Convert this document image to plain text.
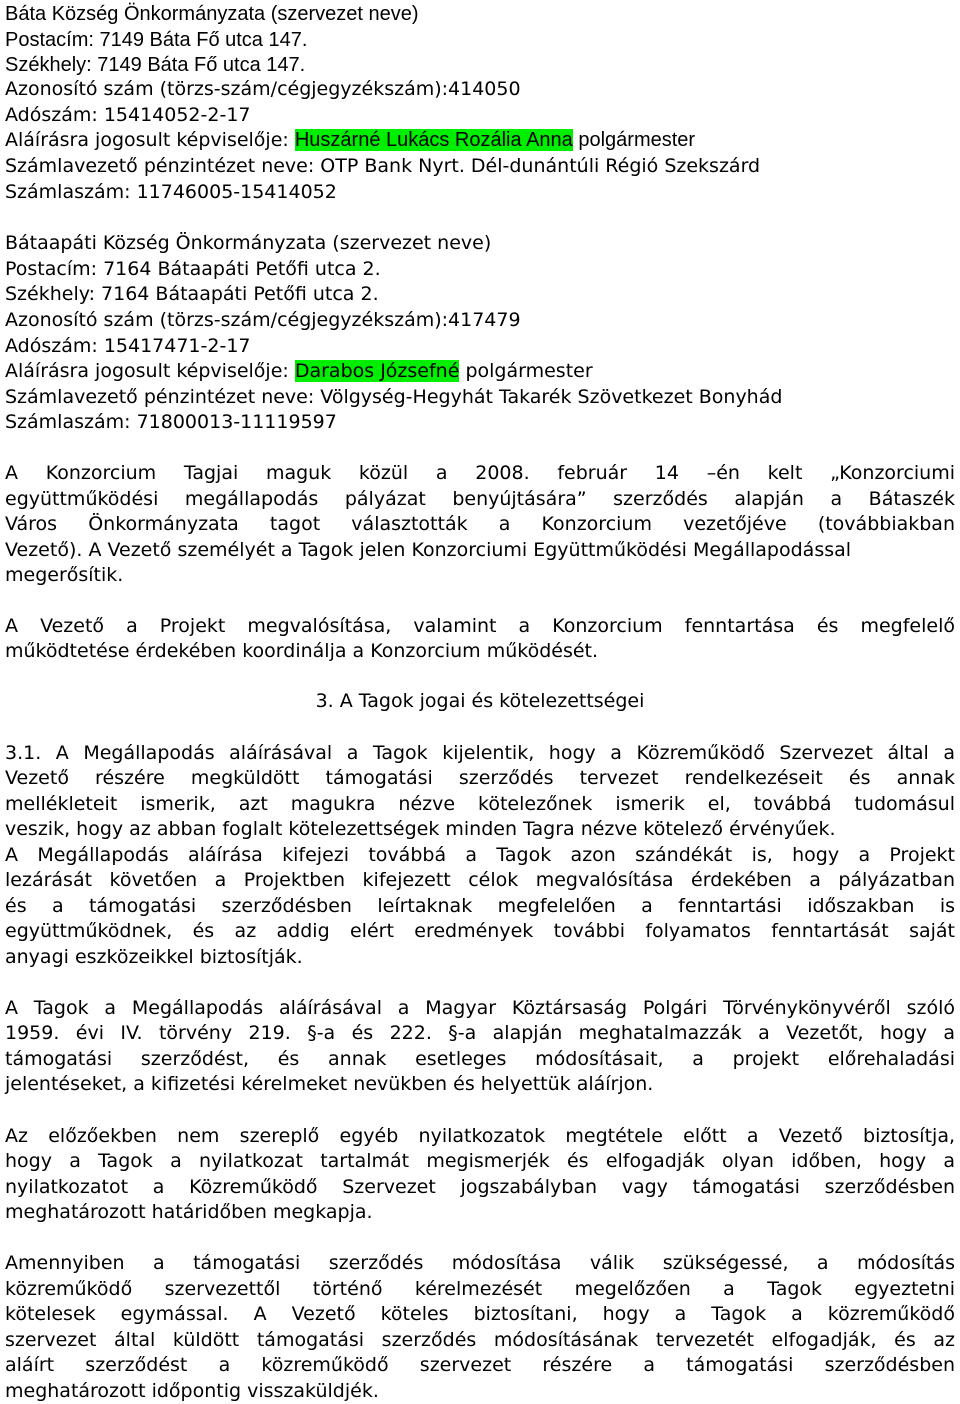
Báta Község Önkormányzata (szervezet neve)
Postacím: 7149 Báta Fő utca 147.
Székhely: 7149 Báta Fő utca 147.
Azonosító szám (törzs-szám/cégjegyzékszám):414050
Adószám: 15414052-2-17
Aláírásra jogosult képviselője: Huszárné Lukács Rozália Anna polgármester
Számlavezető pénzintézet neve: OTP Bank Nyrt. Dél-dunántúli Régió Szekszárd
Számlaszám: 11746005-15414052
Bátaapáti Község Önkormányzata (szervezet neve)
Postacím: 7164 Bátaapáti Petőfi utca 2.
Székhely: 7164 Bátaapáti Petőfi utca 2.
Azonosító szám (törzs-szám/cégjegyzékszám):417479
Adószám: 15417471-2-17
Aláírásra jogosult képviselője: Darabos Józsefné polgármester
Számlavezető pénzintézet neve: Völgység-Hegyhát Takarék Szövetkezet Bonyhád
Számlaszám: 71800013-11119597
A Konzorcium Tagjai maguk közül a 2008. február 14 –én kelt „Konzorciumi
együttműködési megállapodás pályázat benyújtására” szerződés alapján a Bátaszék
Város Önkormányzata tagot választották a Konzorcium vezetőjéve (továbbiakban
Vezető). A Vezető személyét a Tagok jelen Konzorciumi Együttműködési Megállapodással
megerősítik.
A Vezető a Projekt megvalósítása, valamint a Konzorcium fenntartása és megfelelő
működtetése érdekében koordinálja a Konzorcium működését.
3. A Tagok jogai és kötelezettségei
3.1. A Megállapodás aláírásával a Tagok kijelentik, hogy a Közreműködő Szervezet által a
Vezető részére megküldött támogatási szerződés tervezet rendelkezéseit és annak
mellékleteit ismerik, azt magukra nézve kötelezőnek ismerik el, továbbá tudomásul
veszik, hogy az abban foglalt kötelezettségek minden Tagra nézve kötelező érvényűek.
A Megállapodás aláírása kifejezi továbbá a Tagok azon szándékát is, hogy a Projekt
lezárását követően a Projektben kifejezett célok megvalósítása érdekében a pályázatban
és a támogatási szerződésben leírtaknak megfelelően a fenntartási időszakban is
együttműködnek, és az addig elért eredmények további folyamatos fenntartását saját
anyagi eszközeikkel biztosítják.
A Tagok a Megállapodás aláírásával a Magyar Köztársaság Polgári Törvénykönyvéről szóló
1959. évi IV. törvény 219. §-a és 222. §-a alapján meghatalmazzák a Vezetőt, hogy a
támogatási szerződést, és annak esetleges módosításait, a projekt előrehaladási
jelentéseket, a kifizetési kérelmeket nevükben és helyettük aláírjon.
Az előzőekben nem szereplő egyéb nyilatkozatok megtétele előtt a Vezető biztosítja,
hogy a Tagok a nyilatkozat tartalmát megismerjék és elfogadják olyan időben, hogy a
nyilatkozatot a Közreműködő Szervezet jogszabályban vagy támogatási szerződésben
meghatározott határidőben megkapja.
Amennyiben a támogatási szerződés módosítása válik szükségessé, a módosítás
közreműködő szervezettől történő kérelmezését megelőzően a Tagok egyeztetni
kötelesek egymással. A Vezető köteles biztosítani, hogy a Tagok a közreműködő
szervezet által küldött támogatási szerződés módosításának tervezetét elfogadják, és az
aláírt szerződést a közreműködő szervezet részére a támogatási szerződésben
meghatározott időpontig visszaküldjék.
